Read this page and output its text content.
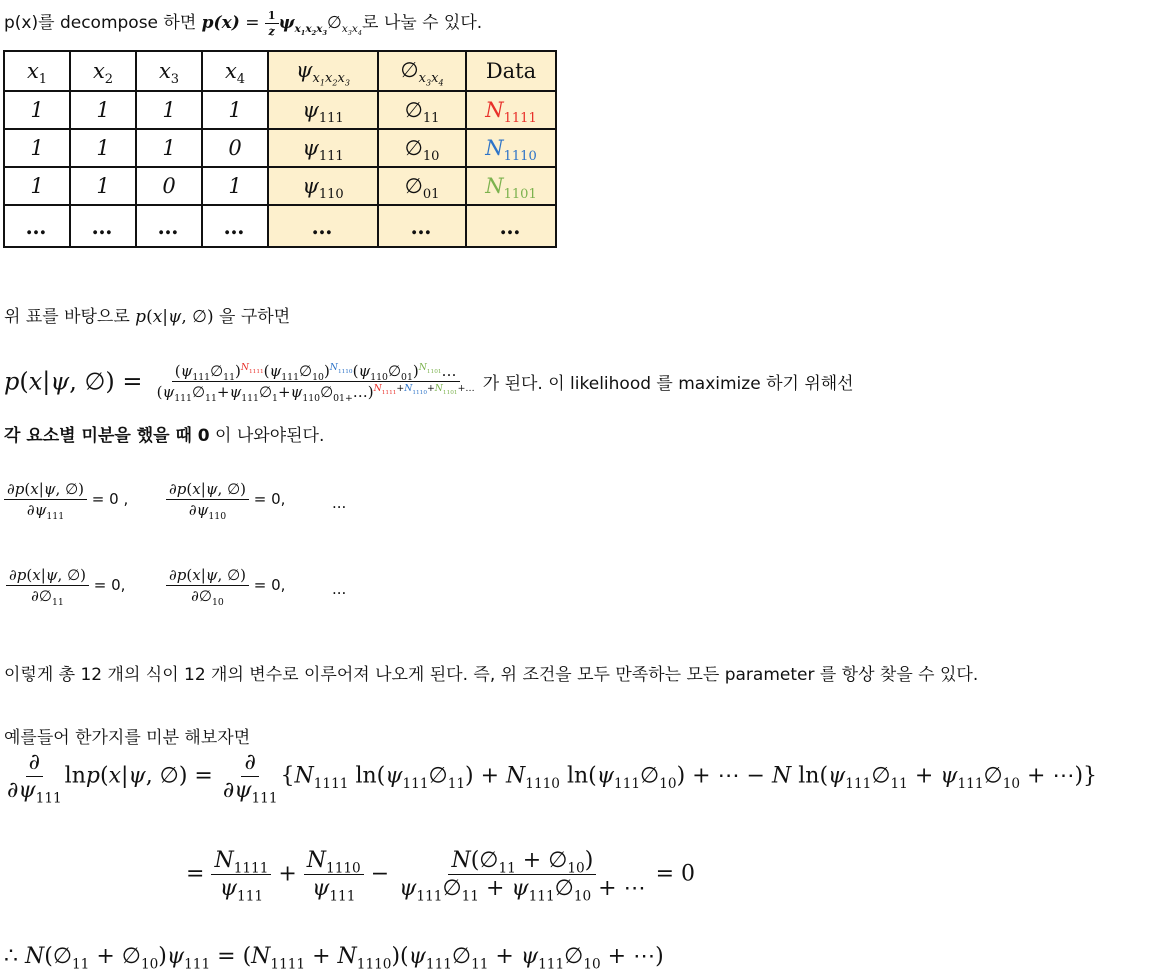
p(x)를 decompose 하면 $p(x) = \frac{1}{z}$ $\psi_{x_1x_2x_3}\emptyset_{x_3x_4}$로 나눌 수 있다.
$x_1$	$x_2$	$x_3$	$x_4$	$\psi_{x_1x_2x_3}$	$\emptyset_{x_3x_4}$	Data
1	1	1	1	$\psi_{111}$	$\emptyset_{11}$	$N_{1111}$
1	1	1	0	$\psi_{111}$	$\emptyset_{10}$	$N_{1110}$
1	1	0	1	$\psi_{110}$	$\emptyset_{01}$	$N_{1101}$
…	…	…	…	…	…	…
위 표를 바탕으로 p(x|ψ, ∅) 을 구하면
p(x|ψ, ∅) = $\frac{(\psi_{111}\emptyset_{11})^{N_{1111}}(\psi_{111}\emptyset_{10})^{N_{1110}}(\psi_{110}\emptyset_{01})^{N_{1101}}\dots}{(\psi_{111}\emptyset_{11}+\psi_{111}\emptyset_1+\psi_{110}\emptyset_{01+}\dots)^{N_{1111}+N_{1110}+N_{1101}+\dots}}$ 가 된다. 이 likelihood 를 maximize 하기 위해선
각 요소별 미분을 했을 때 0 이 나와야된다.
$\frac{\partial p(x|\psi, \emptyset)}{\partial\psi_{111}} = 0$ ,	$\frac{\partial p(x|\psi, \emptyset)}{\partial\psi_{110}} = 0$,	...
$\frac{\partial p(x|\psi, \emptyset)}{\partial\emptyset_{11}} = 0$,	$\frac{\partial p(x|\psi, \emptyset)}{\partial\emptyset_{10}} = 0$,	...
이렇게 총 12 개의 식이 12 개의 변수로 이루어져 나오게 된다. 즉, 위 조건을 모두 만족하는 모든 parameter 를 항상 찾을 수 있다.
예를들어 한가지를 미분 해보자면
$\frac{\partial}{\partial\psi_{111}} \ln p(x|\psi$, ∅) = $\frac{\partial}{\partial\psi_{111}} \{N_{1111}$ $\ln(\psi_{111}\emptyset_{11}) + N_{1110}$ $\ln(\psi_{111}\emptyset_{10})$ + ⋯ − N $\ln(\psi_{111}\emptyset_{11}$ + $\psi_{111}\emptyset_{10}$ + ⋯)}
= $\frac{N_{1111}}{\psi_{111}} + \frac{N_{1110}}{\psi_{111}} - \frac{N(\emptyset_{11} + \emptyset_{10})}{\psi_{111}\emptyset_{11} + \psi_{111}\emptyset_{10} + \cdots} = 0$
∴ $N(\emptyset_{11}$ + $\emptyset_{10})\psi_{111} = (N_{1111}$ + $N_{1110})(\psi_{111}\emptyset_{11}$ + $\psi_{111}\emptyset_{10}$ + ⋯)
